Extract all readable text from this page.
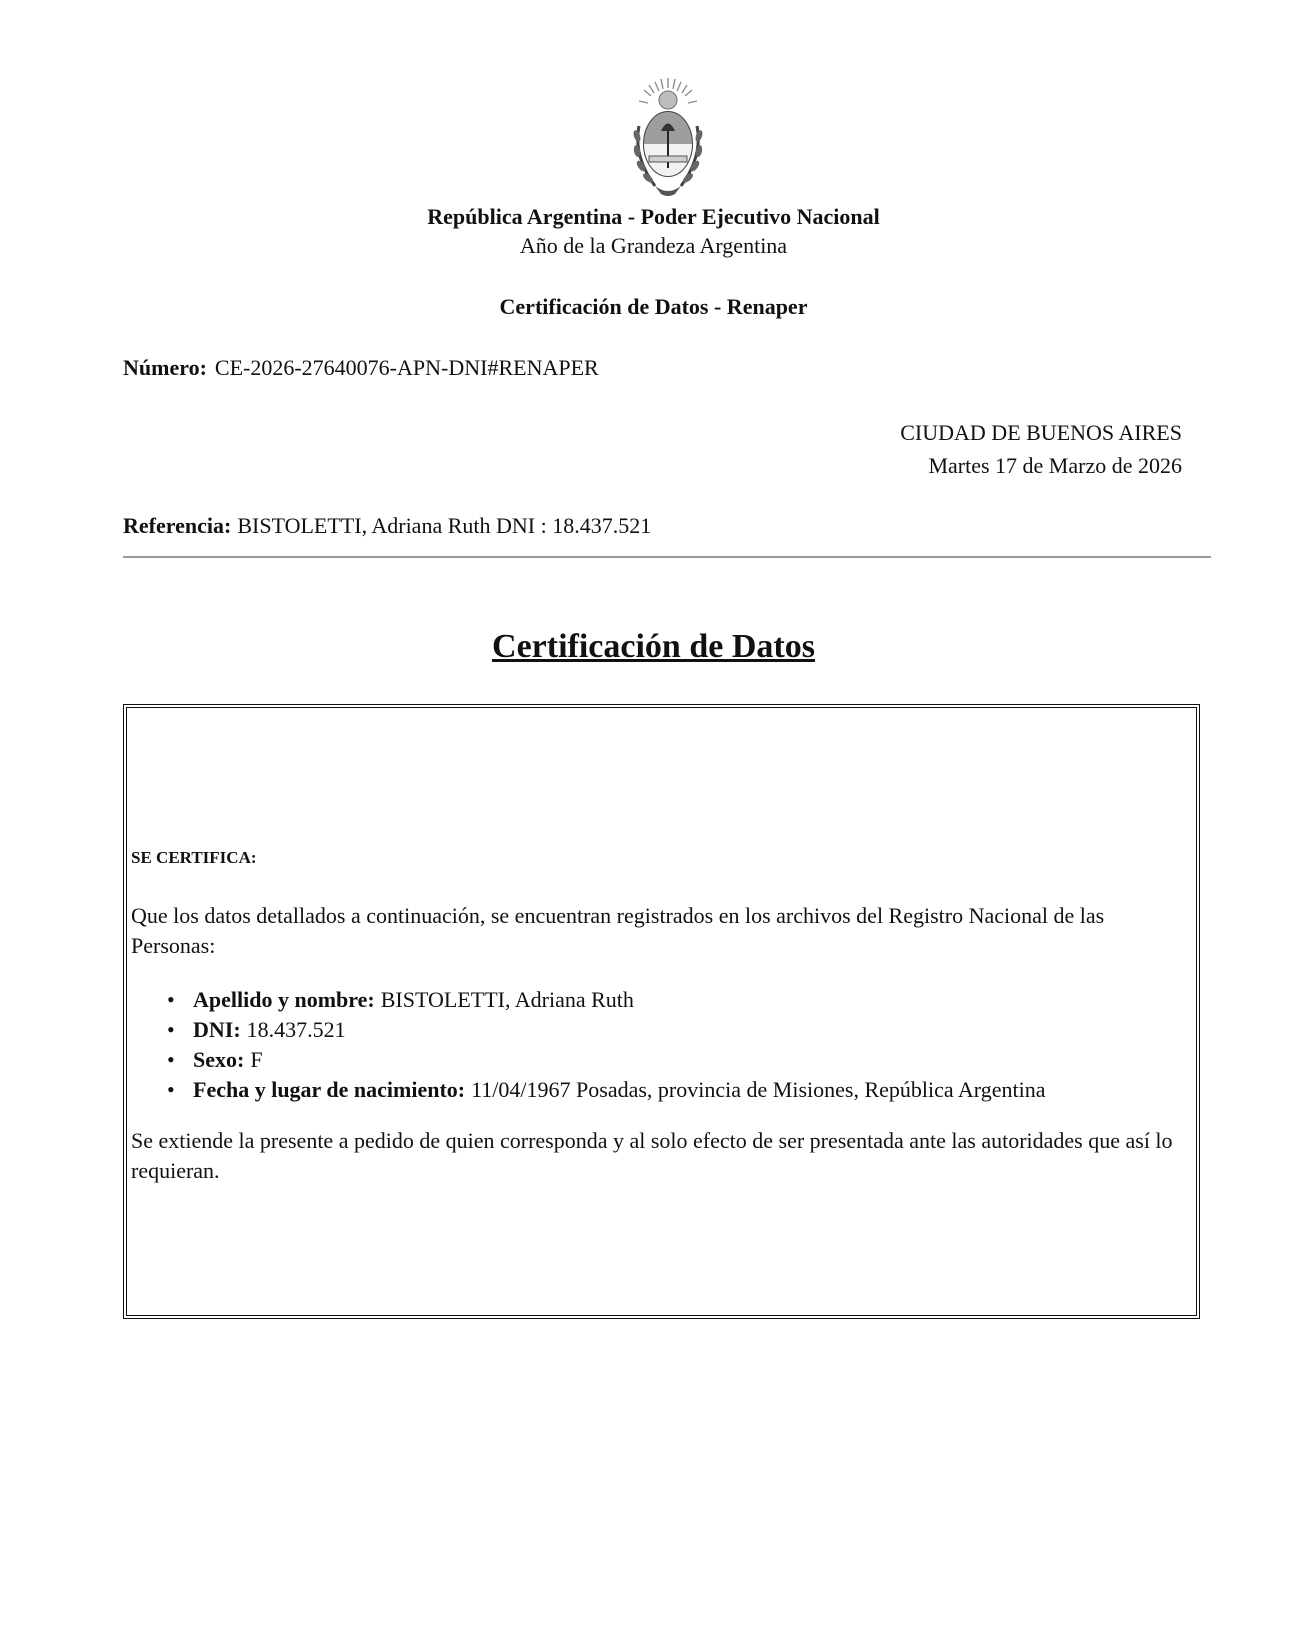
República Argentina - Poder Ejecutivo Nacional
Año de la Grandeza Argentina
Certificación de Datos - Renaper
Número: CE-2026-27640076-APN-DNI#RENAPER
CIUDAD DE BUENOS AIRES
Martes 17 de Marzo de 2026
Referencia: BISTOLETTI, Adriana Ruth DNI : 18.437.521
Certificación de Datos
SE CERTIFICA:
Que los datos detallados a continuación, se encuentran registrados en los archivos del Registro Nacional de las Personas:
• Apellido y nombre: BISTOLETTI, Adriana Ruth
• DNI: 18.437.521
• Sexo: F
• Fecha y lugar de nacimiento: 11/04/1967 Posadas, provincia de Misiones, República Argentina
Se extiende la presente a pedido de quien corresponda y al solo efecto de ser presentada ante las autoridades que así lo requieran.
